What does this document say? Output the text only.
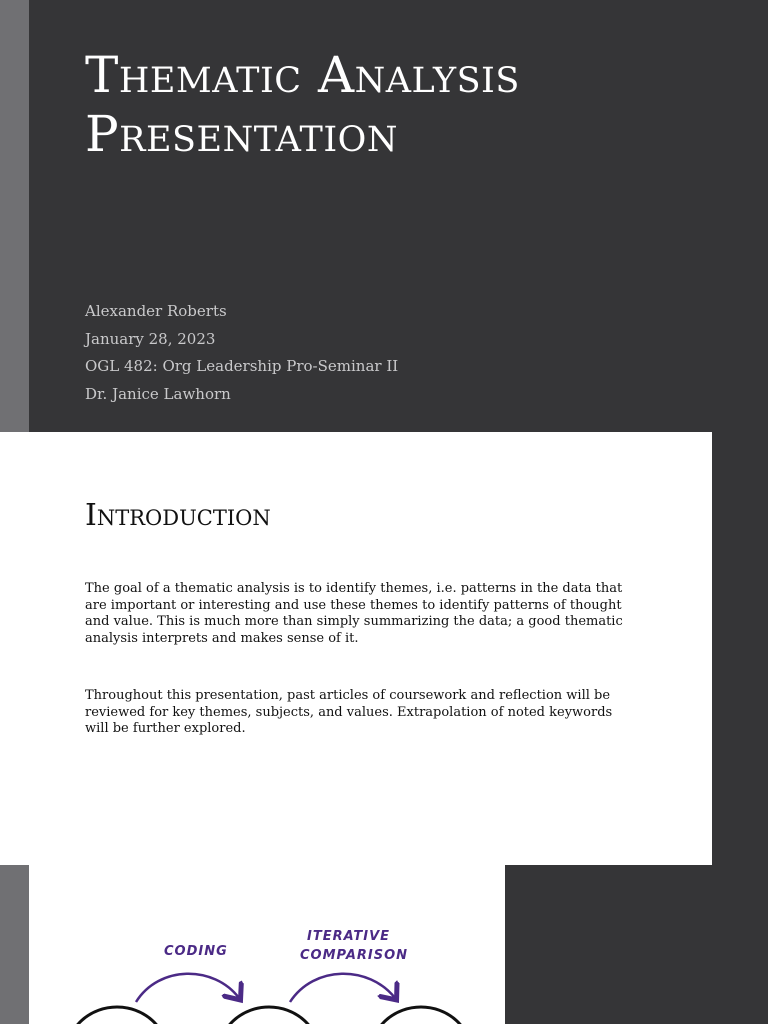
Thematic Analysis
Presentation
Alexander Roberts
January 28, 2023
OGL 482: Org Leadership Pro-Seminar II
Dr. Janice Lawhorn
Introduction
The goal of a thematic analysis is to identify themes, i.e. patterns in the data that are important or interesting and use these themes to identify patterns of thought and value. This is much more than simply summarizing the data; a good thematic analysis interprets and makes sense of it.
Throughout this presentation, past articles of coursework and reflection will be reviewed for key themes, subjects, and values. Extrapolation of noted keywords will be further explored.
CODING
ITERATIVE
COMPARISON
